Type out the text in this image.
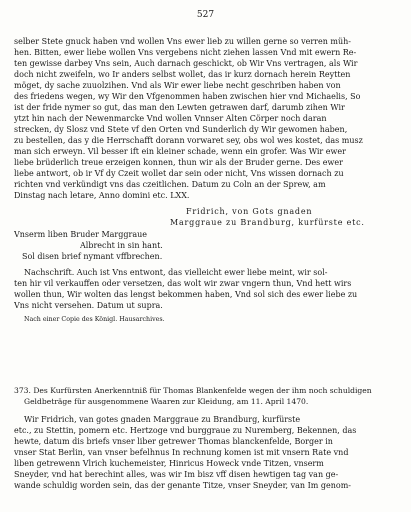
527
selber Stete gnuck haben vnd wollen Vns ewer lieb zu willen gerne so verren müh-
hen. Bitten, ewer liebe wollen Vns vergebens nicht ziehen lassen Vnd mit ewern Re-
ten gewisse darbey Vns sein, Auch darnach geschickt, ob Wir Vns vertragen, als Wir
doch nicht zweifeln, wo Ir anders selbst wollet, das ir kurz dornach herein Reytten
möget, dy sache zuuolzihen. Vnd als Wir ewer liebe necht geschriben haben von
des friedens wegen, wy Wir den Vfgenommen haben zwischen hier vnd Michaelis, So
ist der fride nymer so gut, das man den Lewten getrawen darf, darumb zihen Wir
ytzt hin nach der Newenmarcke Vnd wollen Vnnser Alten Cörper noch daran
strecken, dy Slosz vnd Stete vf den Orten vnd Sunderlich dy Wir gewomen haben,
zu bestellen, das y die Herrschafft dorann vorwaret sey, obs wol wes kostet, das musz
man sich erweyn. Vil besser ift ein kleiner schade, wenn ein grofer. Was Wir ewer
liebe brüderlich treue erzeigen konnen, thun wir als der Bruder gerne. Des ewer
liebe antwort, ob ir Vf dy Czeit wollet dar sein oder nicht, Vns wissen dornach zu
richten vnd verkündigt vns das czeitlichen. Datum zu Coln an der Sprew, am
Dinstag nach letare, Anno domini etc. LXX.
Fridrich, von Gots gnaden
Marggraue zu Brandburg, kurfürste etc.
Vnserm liben Bruder Marggraue
Albrecht in sin hant.
Sol disen brief nymant vffbrechen.
Nachschrift. Auch ist Vns entwont, das vielleicht ewer liebe meint, wir sol-
ten hir vil verkauffen oder versetzen, das wolt wir zwar vngern thun, Vnd hett wirs
wollen thun, Wir wolten das lengst bekommen haben, Vnd sol sich des ewer liebe zu
Vns nicht versehen. Datum ut supra.
Nach einer Copie des Königl. Hausarchives.
373. Des Kurfürsten Anerkenntniß für Thomas Blankenfelde wegen der ihm noch schuldigen
Geldbeträge für ausgenommene Waaren zur Kleidung, am 11. April 1470.
Wir Fridrich, van gotes gnaden Marggraue zu Brandburg, kurfürste
etc., zu Stettin, pomern etc. Hertzoge vnd burggraue zu Nuremberg, Bekennen, das
hewte, datum dis briefs vnser liber getrewer Thomas blanckenfelde, Borger in
vnser Stat Berlin, van vnser befelhnus In rechnung komen ist mit vnsern Rate vnd
liben getrewenn Vlrich kuchemeister, Hinricus Howeck vnde Titzen, vnserm
Sneyder, vnd hat berechint alles, was wir Im bisz vff disen hewtigen tag van ge-
wande schuldig worden sein, das der genante Titze, vnser Sneyder, van Im genom-
